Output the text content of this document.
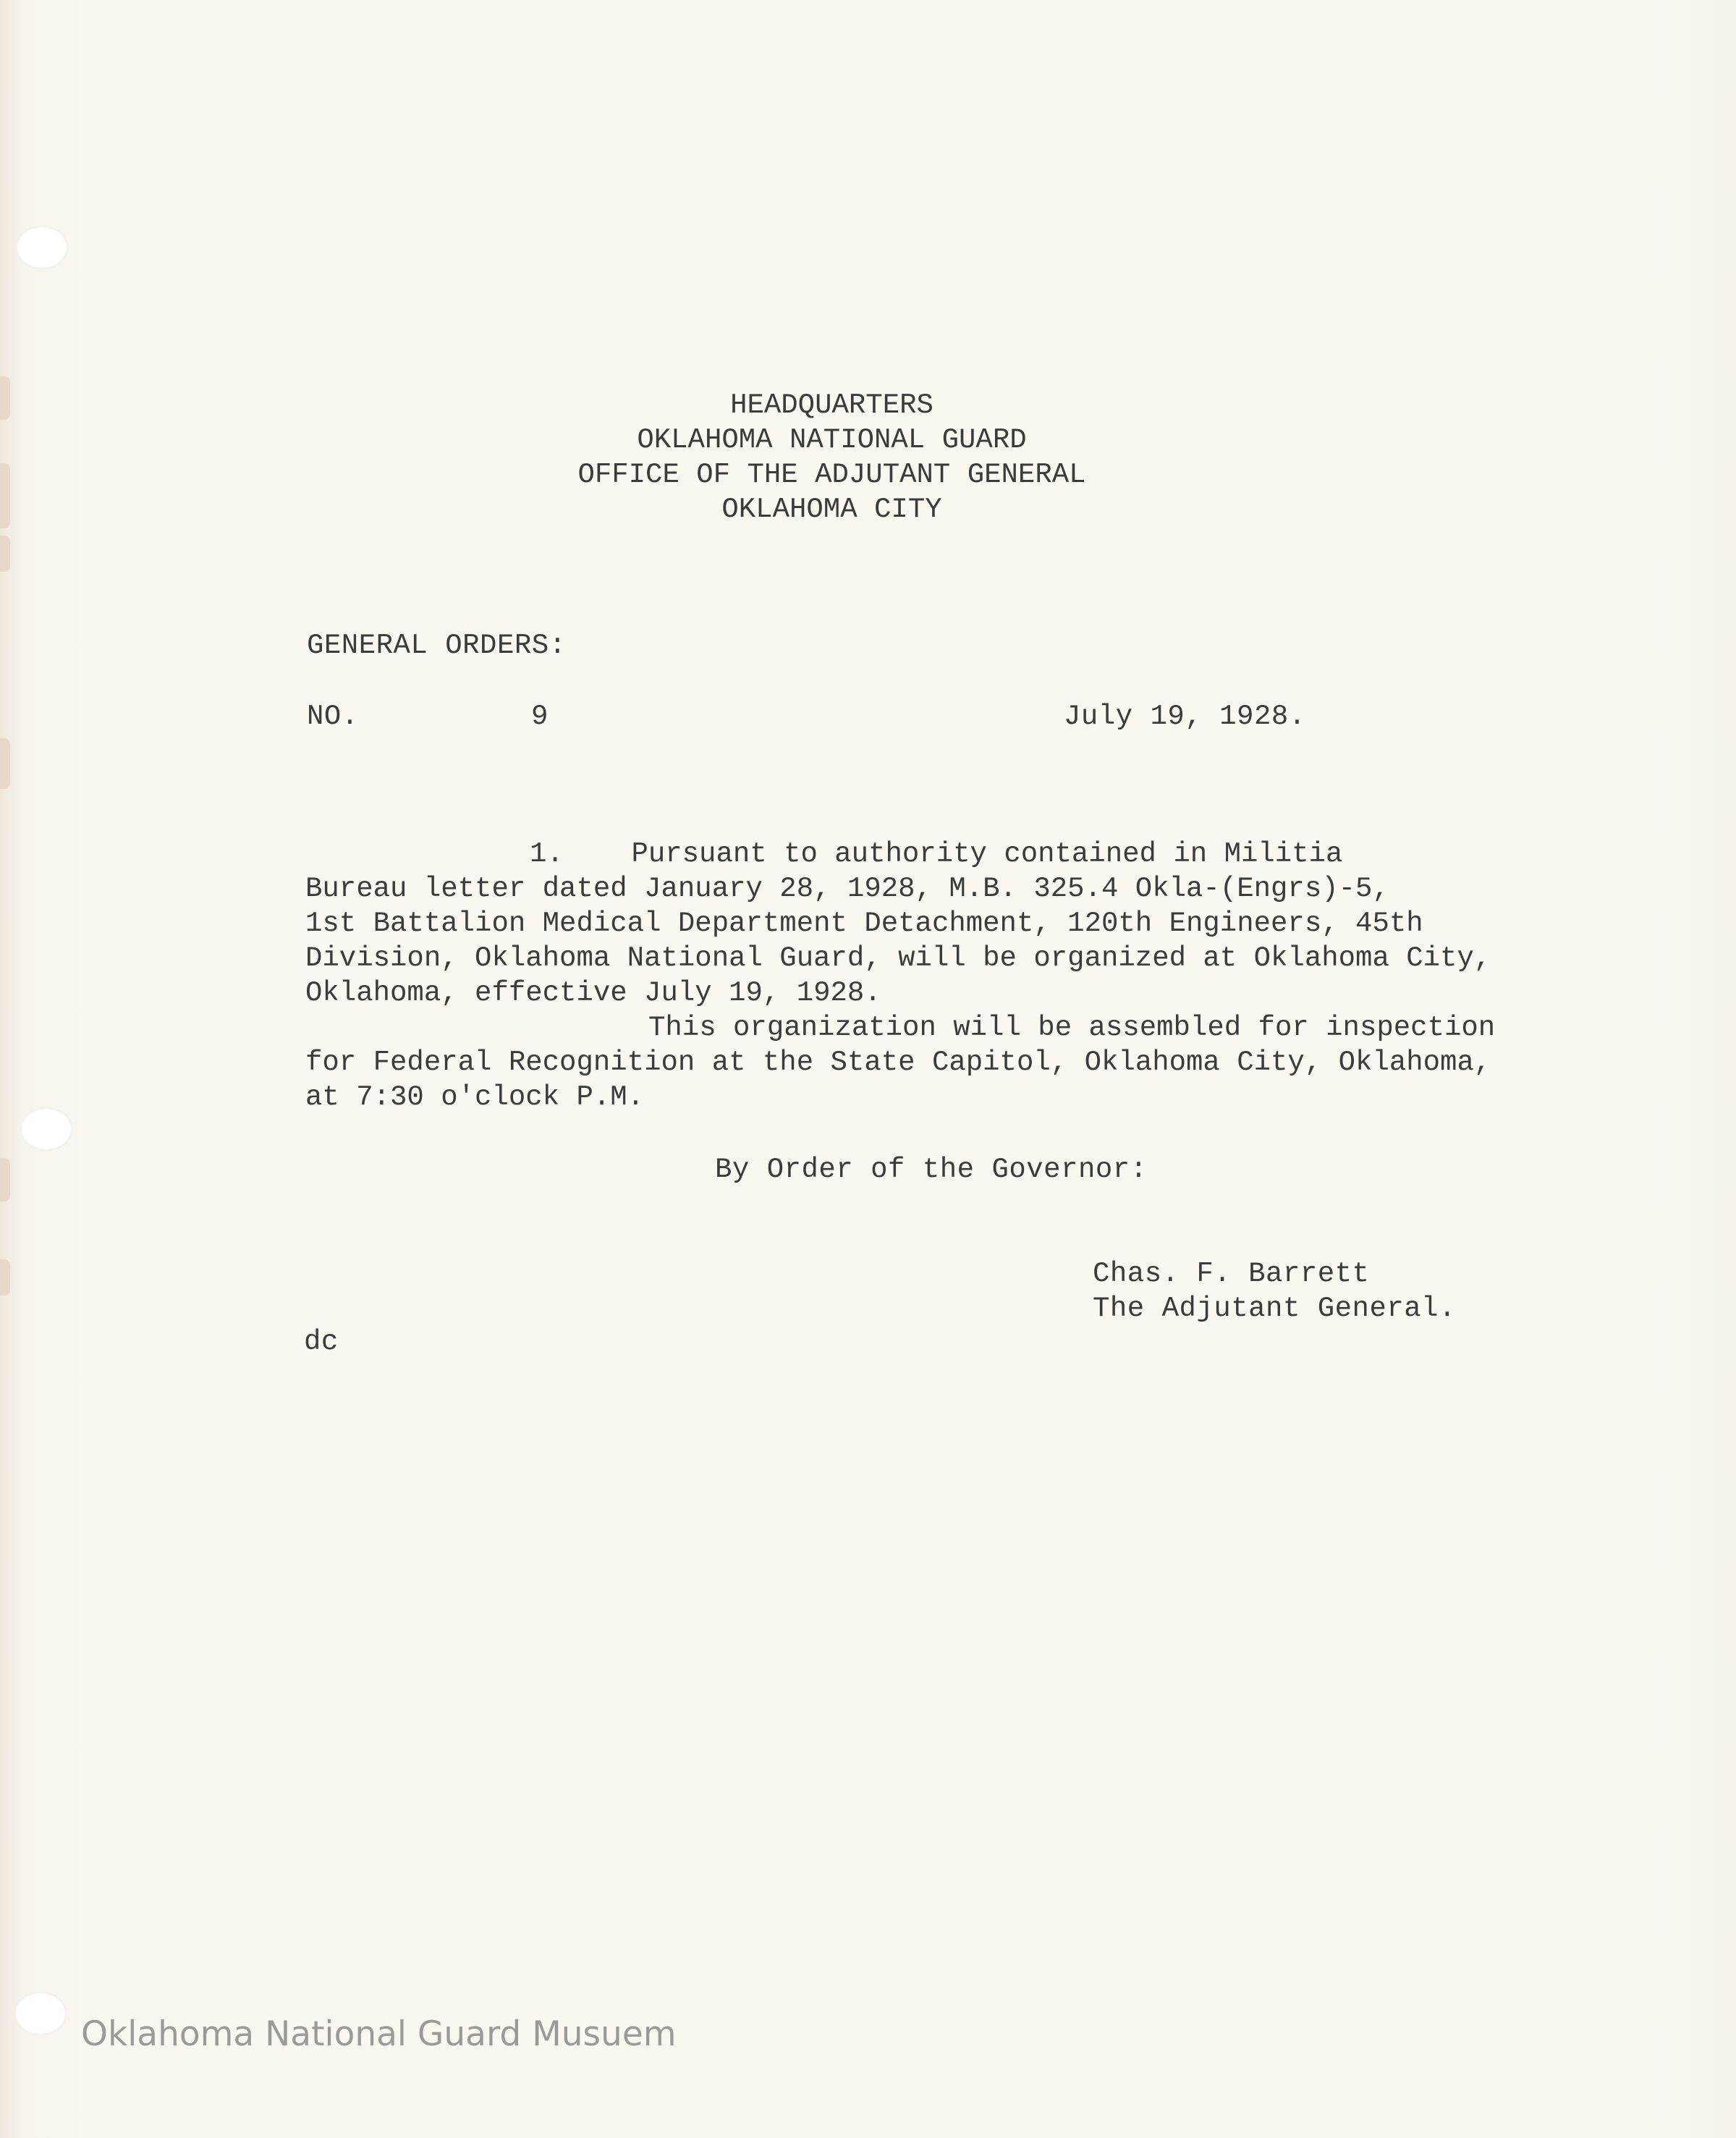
HEADQUARTERS
OKLAHOMA NATIONAL GUARD
OFFICE OF THE ADJUTANT GENERAL
OKLAHOMA CITY
GENERAL ORDERS:
NO.	9	July 19, 1928.
1. Pursuant to authority contained in Militia
Bureau letter dated January 28, 1928, M.B. 325.4 Okla-(Engrs)-5,
1st Battalion Medical Department Detachment, 120th Engineers, 45th
Division, Oklahoma National Guard, will be organized at Oklahoma City,
Oklahoma, effective July 19, 1928.
This organization will be assembled for inspection
for Federal Recognition at the State Capitol, Oklahoma City, Oklahoma,
at 7:30 o'clock P.M.
By Order of the Governor:
Chas. F. Barrett
The Adjutant General.
dc
Oklahoma National Guard Musuem
